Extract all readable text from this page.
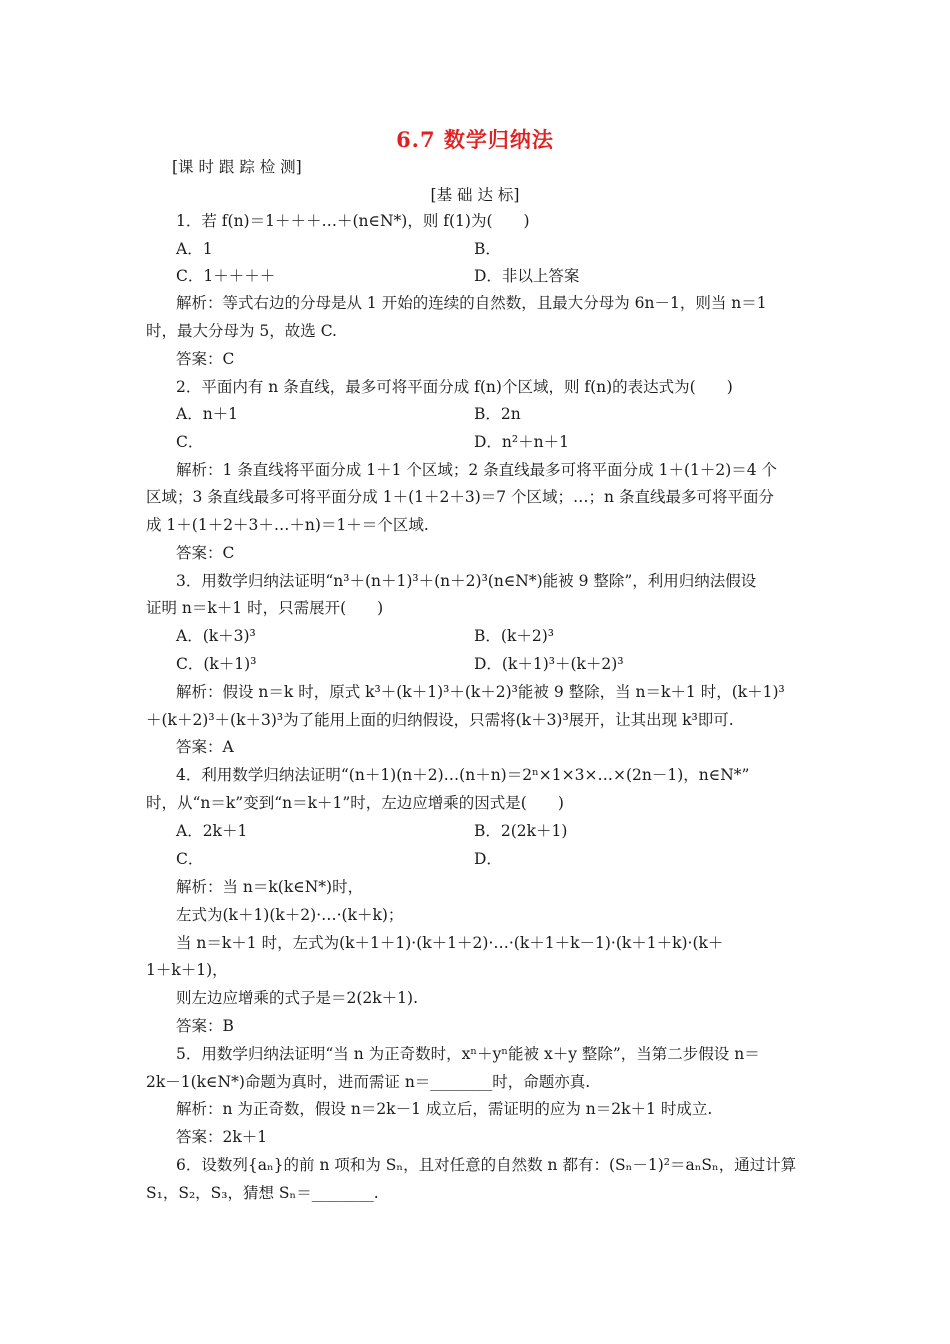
6.7 数学归纳法
[课 时 跟 踪 检 测]
[基 础 达 标]
1．若 f(n)＝1＋＋＋…＋(n∈N*)，则 f(1)为(　　)
A．1	B．
C．1＋＋＋＋	D．非以上答案
解析：等式右边的分母是从 1 开始的连续的自然数，且最大分母为 6n－1，则当 n＝1
时，最大分母为 5，故选 C.
答案：C
2．平面内有 n 条直线，最多可将平面分成 f(n)个区域，则 f(n)的表达式为(　　)
A．n＋1	B．2n
C．	D．n²＋n＋1
解析：1 条直线将平面分成 1＋1 个区域；2 条直线最多可将平面分成 1＋(1＋2)＝4 个
区域；3 条直线最多可将平面分成 1＋(1＋2＋3)＝7 个区域；…；n 条直线最多可将平面分
成 1＋(1＋2＋3＋…＋n)＝1＋＝个区域.
答案：C
3．用数学归纳法证明“n³＋(n＋1)³＋(n＋2)³(n∈N*)能被 9 整除”，利用归纳法假设
证明 n＝k＋1 时，只需展开(　　)
A．(k＋3)³	B．(k＋2)³
C．(k＋1)³	D．(k＋1)³＋(k＋2)³
解析：假设 n＝k 时，原式 k³＋(k＋1)³＋(k＋2)³能被 9 整除，当 n＝k＋1 时，(k＋1)³
＋(k＋2)³＋(k＋3)³为了能用上面的归纳假设，只需将(k＋3)³展开，让其出现 k³即可.
答案：A
4．利用数学归纳法证明“(n＋1)(n＋2)…(n＋n)＝2ⁿ×1×3×…×(2n－1)，n∈N*”
时，从“n＝k”变到“n＝k＋1”时，左边应增乘的因式是(　　)
A．2k＋1	B．2(2k＋1)
C．	D．
解析：当 n＝k(k∈N*)时，
左式为(k＋1)(k＋2)·…·(k＋k)；
当 n＝k＋1 时，左式为(k＋1＋1)·(k＋1＋2)·…·(k＋1＋k－1)·(k＋1＋k)·(k＋
1＋k＋1)，
则左边应增乘的式子是＝2(2k＋1).
答案：B
5．用数学归纳法证明“当 n 为正奇数时，xⁿ＋yⁿ能被 x＋y 整除”，当第二步假设 n＝
2k－1(k∈N*)命题为真时，进而需证 n＝________时，命题亦真.
解析：n 为正奇数，假设 n＝2k－1 成立后，需证明的应为 n＝2k＋1 时成立.
答案：2k＋1
6．设数列{aₙ}的前 n 项和为 Sₙ，且对任意的自然数 n 都有：(Sₙ－1)²＝aₙSₙ，通过计算
S₁，S₂，S₃，猜想 Sₙ＝________.
